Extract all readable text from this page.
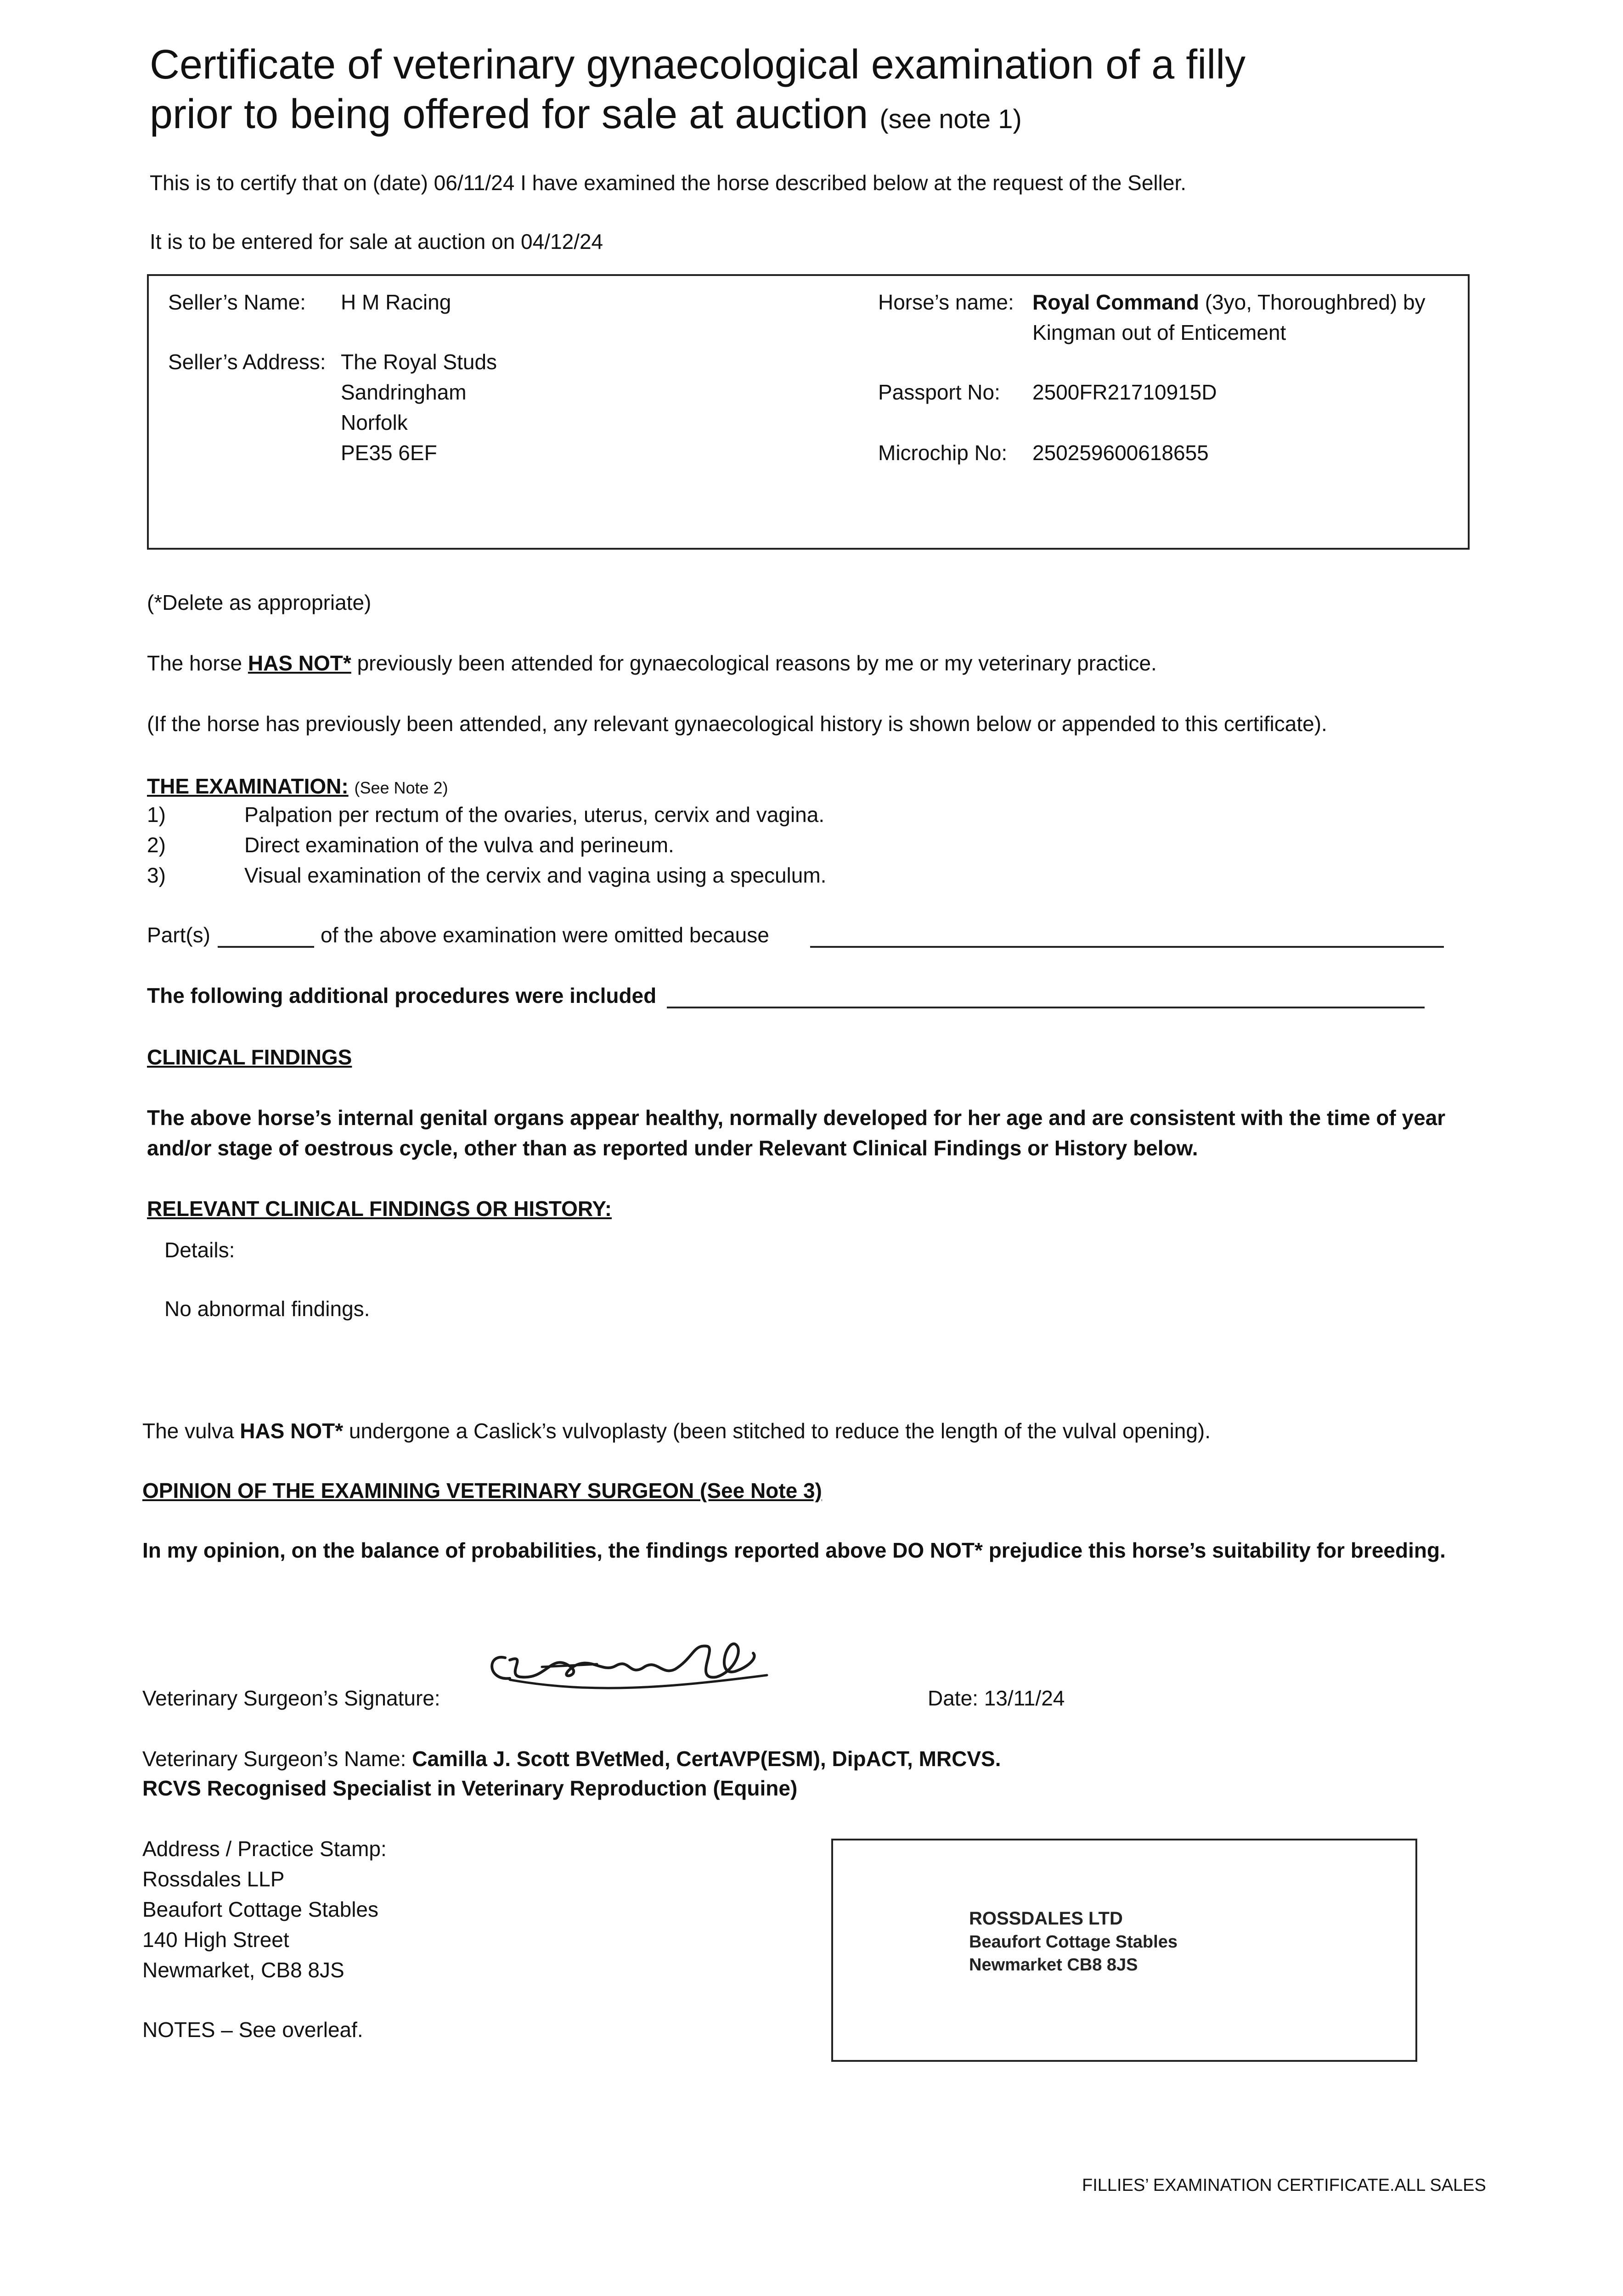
Certificate of veterinary gynaecological examination of a filly
prior to being offered for sale at auction (see note 1)
This is to certify that on (date) 06/11/24 I have examined the horse described below at the request of the Seller.
It is to be entered for sale at auction on 04/12/24
Seller’s Name: H M Racing
Seller’s Address: The Royal Studs
Sandringham
Norfolk
PE35 6EF
Horse’s name: Royal Command (3yo, Thoroughbred) by
Kingman out of Enticement
Passport No: 2500FR21710915D
Microchip No: 250259600618655
(*Delete as appropriate)
The horse HAS NOT* previously been attended for gynaecological reasons by me or my veterinary practice.
(If the horse has previously been attended, any relevant gynaecological history is shown below or appended to this certificate).
THE EXAMINATION: (See Note 2)
1)	Palpation per rectum of the ovaries, uterus, cervix and vagina.
2)	Direct examination of the vulva and perineum.
3)	Visual examination of the cervix and vagina using a speculum.
Part(s)	of the above examination were omitted because
The following additional procedures were included
CLINICAL FINDINGS
The above horse’s internal genital organs appear healthy, normally developed for her age and are consistent with the time of year
and/or stage of oestrous cycle, other than as reported under Relevant Clinical Findings or History below.
RELEVANT CLINICAL FINDINGS OR HISTORY:
Details:
No abnormal findings.
The vulva HAS NOT* undergone a Caslick’s vulvoplasty (been stitched to reduce the length of the vulval opening).
OPINION OF THE EXAMINING VETERINARY SURGEON (See Note 3)
In my opinion, on the balance of probabilities, the findings reported above DO NOT* prejudice this horse’s suitability for breeding.
Veterinary Surgeon’s Signature:	Date: 13/11/24
Veterinary Surgeon’s Name: Camilla J. Scott BVetMed, CertAVP(ESM), DipACT, MRCVS.
RCVS Recognised Specialist in Veterinary Reproduction (Equine)
Address / Practice Stamp:
Rossdales LLP
Beaufort Cottage Stables
140 High Street
Newmarket, CB8 8JS
NOTES – See overleaf.
ROSSDALES LTD
Beaufort Cottage Stables
Newmarket CB8 8JS
FILLIES’ EXAMINATION CERTIFICATE.ALL SALES
